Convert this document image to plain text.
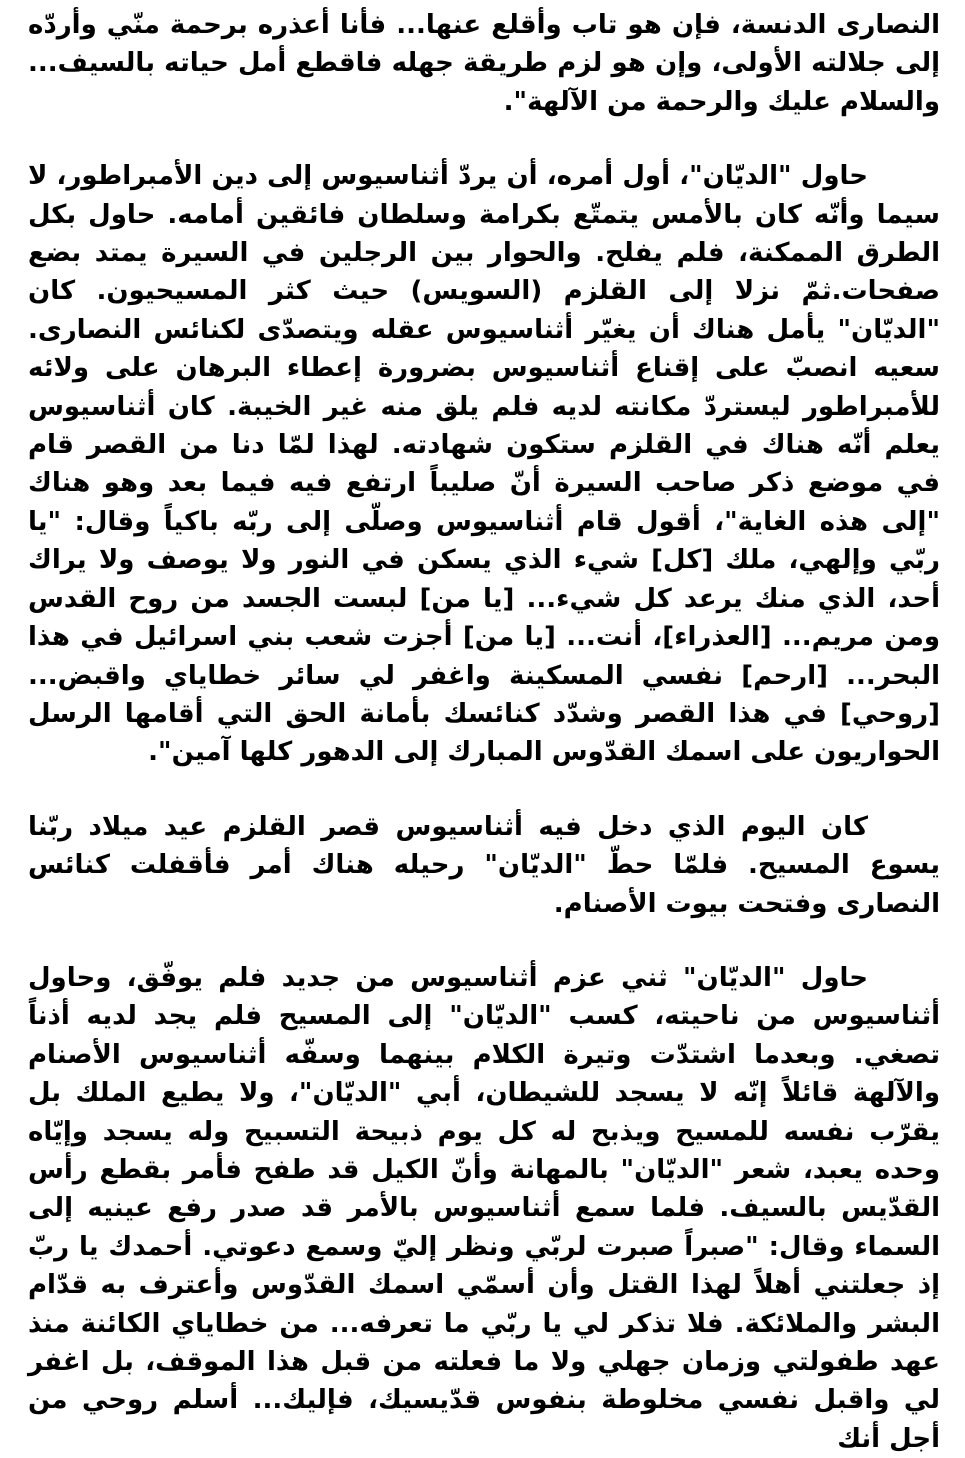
النصارى الدنسة، فإن هو تاب وأقلع عنها... فأنا أعذره برحمة منّي وأردّه إلى جلالته الأولى، وإن هو لزم طريقة جهله فاقطع أمل حياته بالسيف... والسلام عليك والرحمة من الآلهة".

حاول "الديّان"، أول أمره، أن يردّ أثناسيوس إلى دين الأمبراطور، لا سيما وأنّه كان بالأمس يتمتّع بكرامة وسلطان فائقين أمامه. حاول بكل الطرق الممكنة، فلم يفلح. والحوار بين الرجلين في السيرة يمتد بضع صفحات.ثمّ نزلا إلى القلزم (السويس) حيث كثر المسيحيون. كان "الديّان" يأمل هناك أن يغيّر أثناسيوس عقله ويتصدّى لكنائس النصارى. سعيه انصبّ على إقناع أثناسيوس بضرورة إعطاء البرهان على ولائه للأمبراطور ليستردّ مكانته لديه فلم يلق منه غير الخيبة. كان أثناسيوس يعلم أنّه هناك في القلزم ستكون شهادته. لهذا لمّا دنا من القصر قام في موضع ذكر صاحب السيرة أنّ صليباً ارتفع فيه فيما بعد وهو هناك "إلى هذه الغاية"، أقول قام أثناسيوس وصلّى إلى ربّه باكياً وقال: "يا ربّي وإلهي، ملك [كل] شيء الذي يسكن في النور ولا يوصف ولا يراك أحد، الذي منك يرعد كل شيء... [يا من] لبست الجسد من روح القدس ومن مريم... [العذراء]، أنت... [يا من] أجزت شعب بني اسرائيل في هذا البحر... [ارحم] نفسي المسكينة واغفر لي سائر خطاياي واقبض... [روحي] في هذا القصر وشدّد كنائسك بأمانة الحق التي أقامها الرسل الحواريون على اسمك القدّوس المبارك إلى الدهور كلها آمين".

كان اليوم الذي دخل فيه أثناسيوس قصر القلزم عيد ميلاد ربّنا يسوع المسيح. فلمّا حطّ "الديّان" رحيله هناك أمر فأقفلت كنائس النصارى وفتحت بيوت الأصنام.

حاول "الديّان" ثني عزم أثناسيوس من جديد فلم يوفّق، وحاول أثناسيوس من ناحيته، كسب "الديّان" إلى المسيح فلم يجد لديه أذناً تصغي. وبعدما اشتدّت وتيرة الكلام بينهما وسفّه أثناسيوس الأصنام والآلهة قائلاً إنّه لا يسجد للشيطان، أبي "الديّان"، ولا يطيع الملك بل يقرّب نفسه للمسيح ويذبح له كل يوم ذبيحة التسبيح وله يسجد وإيّاه وحده يعبد، شعر "الديّان" بالمهانة وأنّ الكيل قد طفح فأمر بقطع رأس القدّيس بالسيف. فلما سمع أثناسيوس بالأمر قد صدر رفع عينيه إلى السماء وقال: "صبراً صبرت لربّي ونظر إليّ وسمع دعوتي. أحمدك يا ربّ إذ جعلتني أهلاً لهذا القتل وأن أسمّي اسمك القدّوس وأعترف به قدّام البشر والملائكة. فلا تذكر لي يا ربّي ما تعرفه... من خطاياي الكائنة منذ عهد طفولتي وزمان جهلي ولا ما فعلته من قبل هذا الموقف، بل اغفر لي واقبل نفسي مخلوطة بنفوس قدّيسيك، فإليك... أسلم روحي من أجل أنك
